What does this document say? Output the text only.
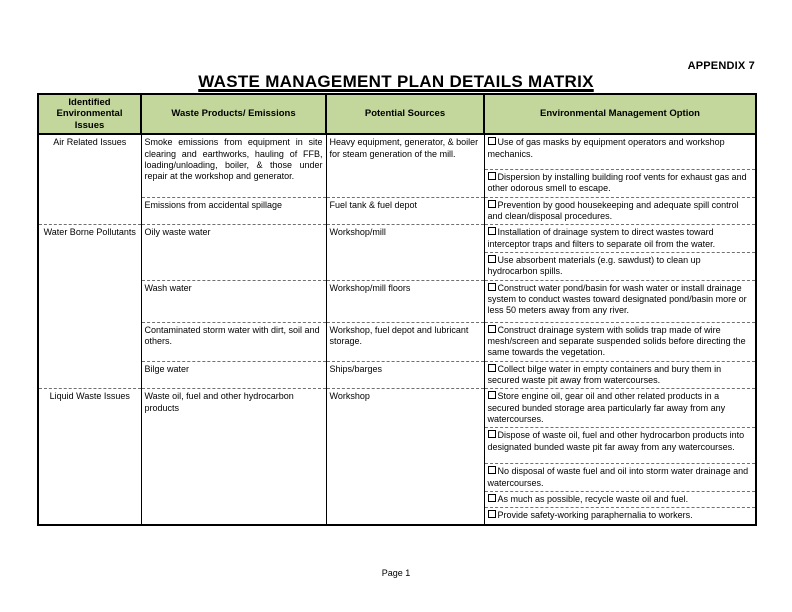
APPENDIX 7
WASTE MANAGEMENT PLAN DETAILS MATRIX
Identified Environmental Issues	Waste Products/ Emissions	Potential Sources	Environmental Management Option
Air Related Issues	Smoke emissions from equipment in site clearing and earthworks, hauling of FFB, loading/unloading, boiler, & those under repair at the workshop and generator.	Heavy equipment, generator, & boiler for steam generation of the mill.	Use of gas masks by equipment operators and workshop mechanics.
			Dispersion by installing building roof vents for exhaust gas and other odorous smell to escape.
	Emissions from accidental spillage	Fuel tank & fuel depot	Prevention by good housekeeping and adequate spill control and clean/disposal procedures.
Water Borne Pollutants	Oily waste water	Workshop/mill	Installation of drainage system to direct wastes toward interceptor traps and filters to separate oil from the water.
			Use absorbent materials (e.g. sawdust) to clean up hydrocarbon spills.
	Wash water	Workshop/mill floors	Construct water pond/basin for wash water or install drainage system to conduct wastes toward designated pond/basin more or less 50 meters away from any river.
	Contaminated storm water with dirt, soil and others.	Workshop, fuel depot and lubricant storage.	Construct drainage system with solids trap made of wire mesh/screen and separate suspended solids before directing the same towards the vegetation.
	Bilge water	Ships/barges	Collect bilge water in empty containers and bury them in secured waste pit away from watercourses.
Liquid Waste Issues	Waste oil, fuel and other hydrocarbon products	Workshop	Store engine oil, gear oil and other related products in a secured bunded storage area particularly far away from any watercourses.
			Dispose of waste oil, fuel and other hydrocarbon products into designated bunded waste pit far away from any watercourses.
			No disposal of waste fuel and oil into storm water drainage and watercourses.
			As much as possible, recycle waste oil and fuel.
			Provide safety-working paraphernalia to workers.
Page 1
